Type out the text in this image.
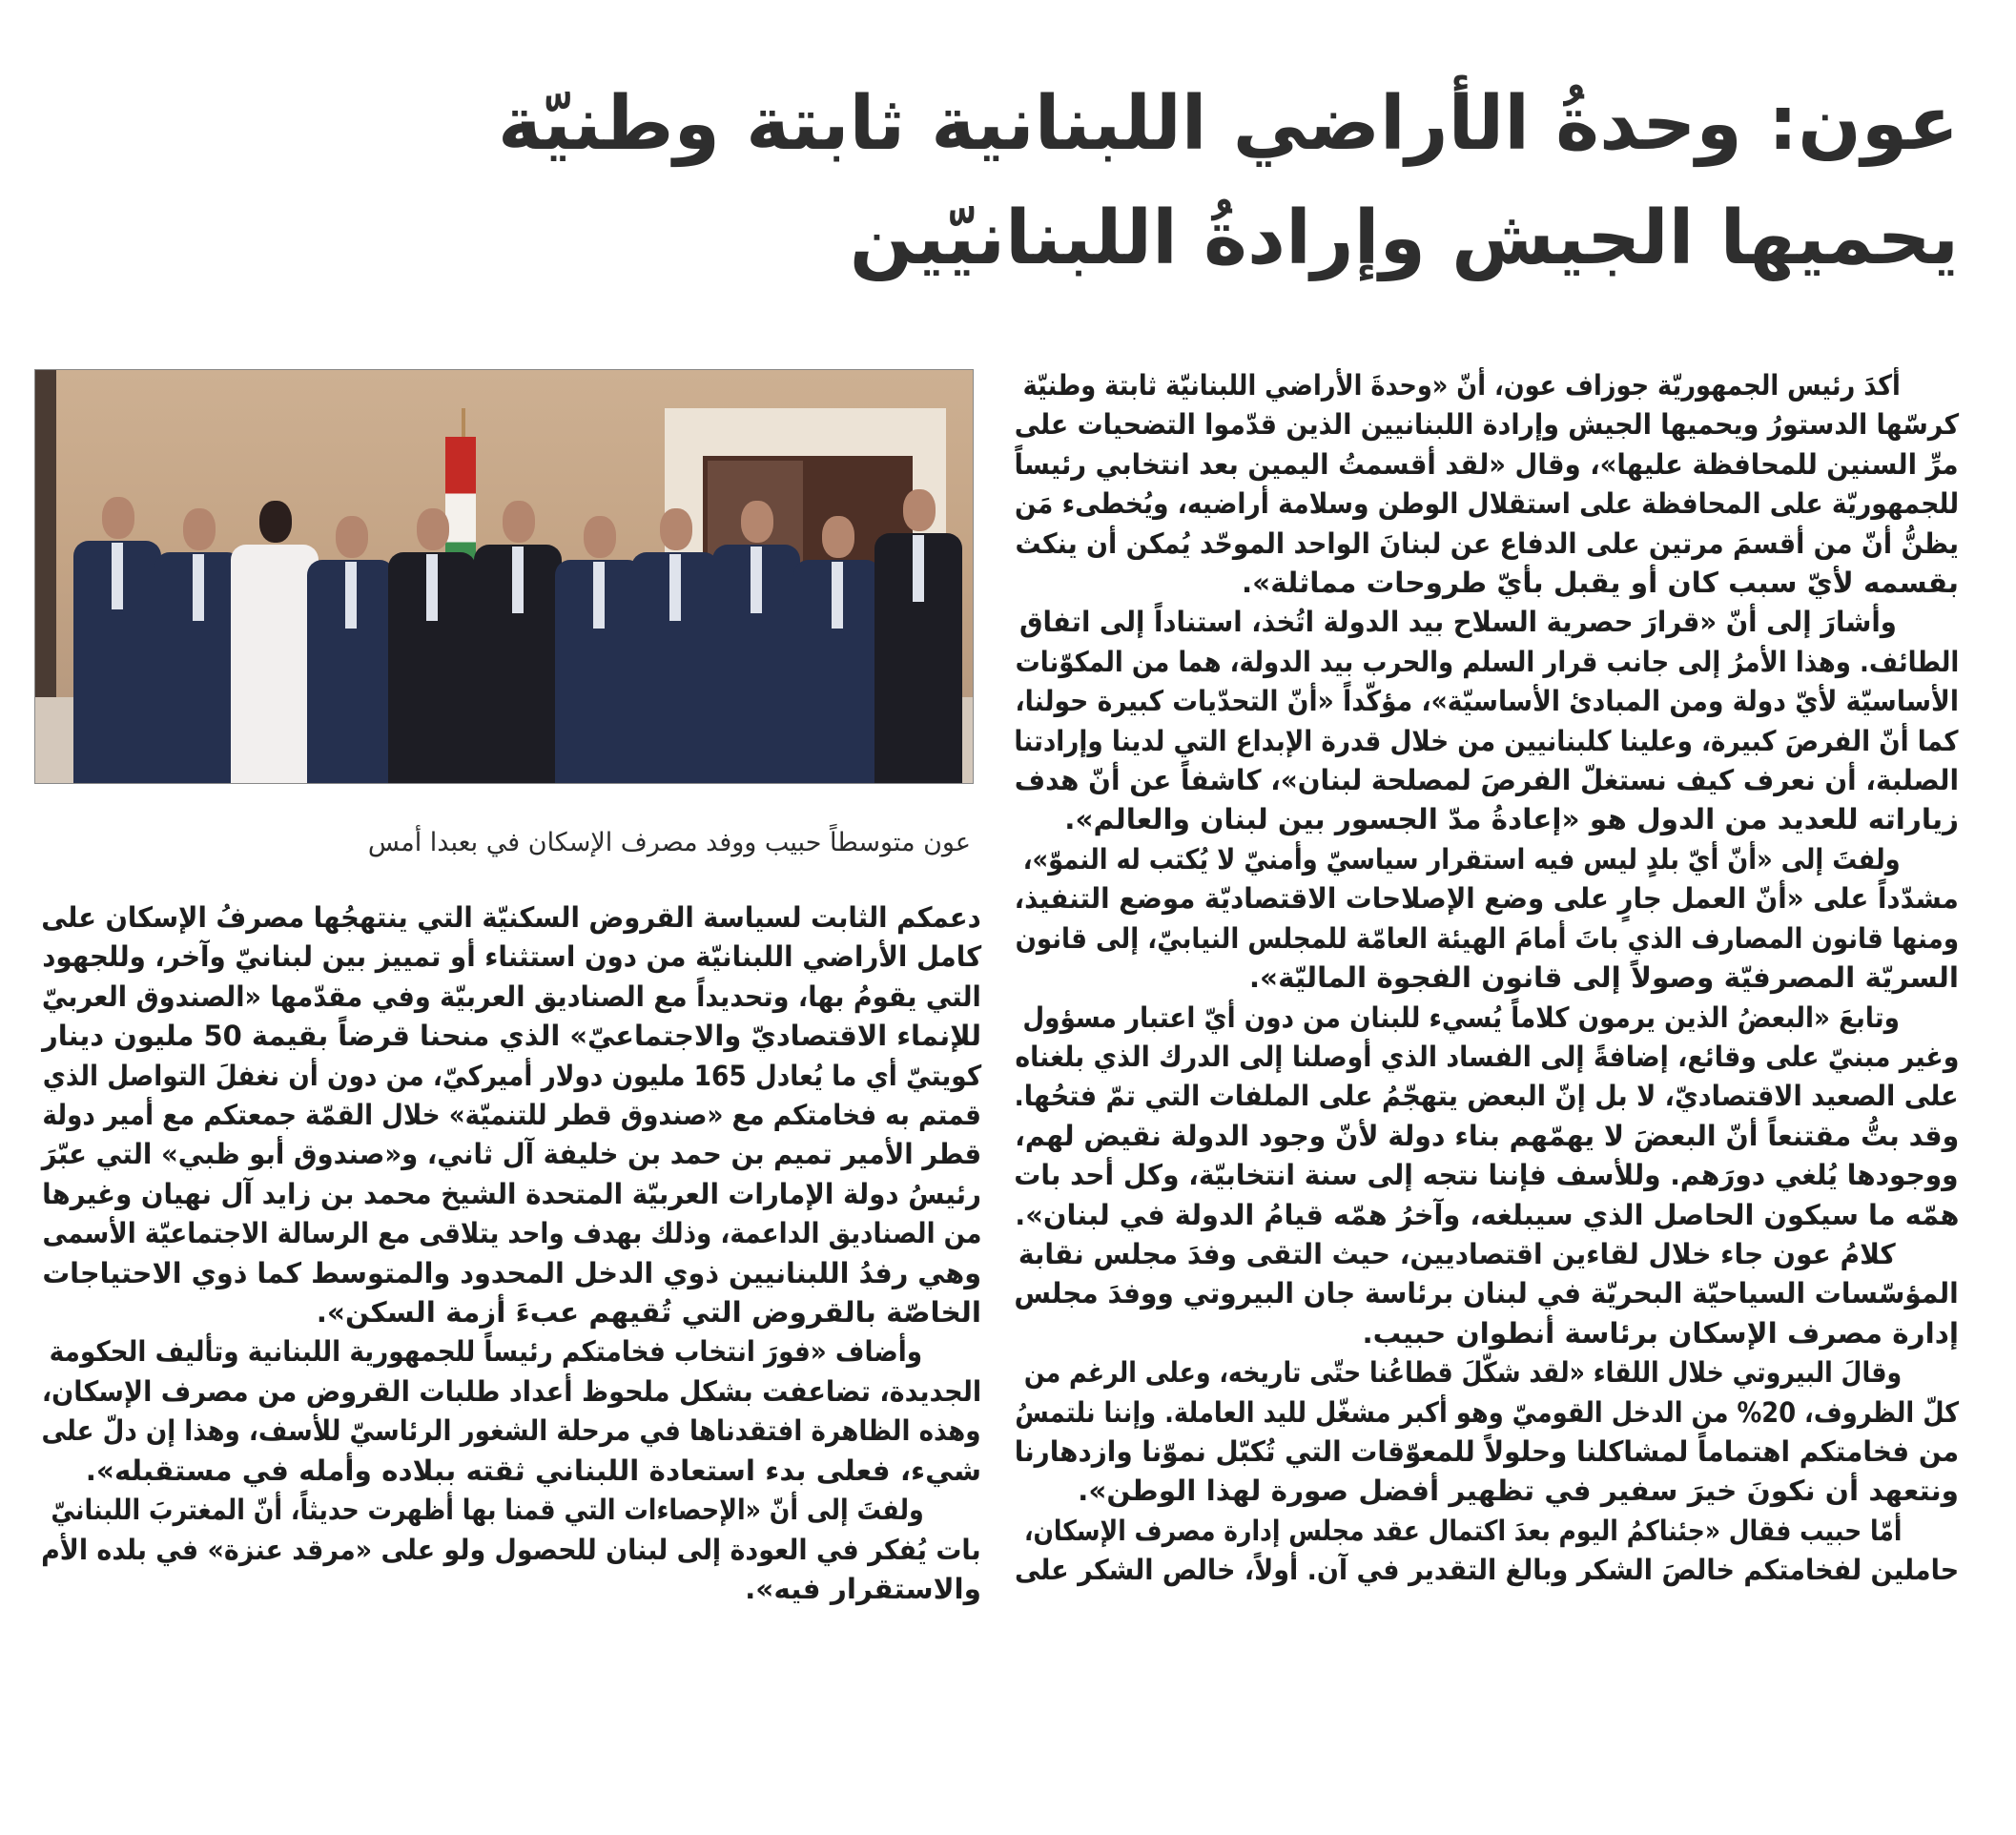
عون: وحدةُ الأراضي اللبنانية ثابتة وطنيّة
يحميها الجيش وإرادةُ اللبنانيّين
عون متوسطاً حبيب ووفد مصرف الإسكان في بعبدا أمس

أكدَ رئيس الجمهوريّة جوزاف عون، أنّ «وحدةَ الأراضي اللبنانيّة ثابتة وطنيّة
كرسّها الدستورُ ويحميها الجيش وإرادة اللبنانيين الذين قدّموا التضحيات على
مرِّ السنين للمحافظة عليها»، وقال «لقد أقسمتُ اليمين بعد انتخابي رئيساً
للجمهوريّة على المحافظة على استقلال الوطن وسلامة أراضيه، ويُخطىء مَن
يظنُّ أنّ من أقسمَ مرتين على الدفاع عن لبنانَ الواحد الموحّد يُمكن أن ينكث
بقسمه لأيّ سبب كان أو يقبل بأيّ طروحات مماثلة».

وأشارَ إلى أنّ «قرارَ حصرية السلاح بيد الدولة اتُخذ، استناداً إلى اتفاق
الطائف. وهذا الأمرُ إلى جانب قرار السلم والحرب بيد الدولة، هما من المكوّنات
الأساسيّة لأيّ دولة ومن المبادئ الأساسيّة»، مؤكّداً «أنّ التحدّيات كبيرة حولنا،
كما أنّ الفرصَ كبيرة، وعلينا كلبنانيين من خلال قدرة الإبداع التي لدينا وإرادتنا
الصلبة، أن نعرف كيف نستغلّ الفرصَ لمصلحة لبنان»، كاشفاً عن أنّ هدف
زياراته للعديد من الدول هو «إعادةُ مدّ الجسور بين لبنان والعالم».

ولفتَ إلى «أنّ أيّ بلدٍ ليس فيه استقرار سياسيّ وأمنيّ لا يُكتب له النموّ»،
مشدّداً على «أنّ العمل جارٍ على وضع الإصلاحات الاقتصاديّة موضع التنفيذ،
ومنها قانون المصارف الذي باتَ أمامَ الهيئة العامّة للمجلس النيابيّ، إلى قانون
السريّة المصرفيّة وصولاً إلى قانون الفجوة الماليّة».

وتابعَ «البعضُ الذين يرمون كلاماً يُسيء للبنان من دون أيّ اعتبار مسؤول
وغير مبنيّ على وقائع، إضافةً إلى الفساد الذي أوصلنا إلى الدرك الذي بلغناه
على الصعيد الاقتصاديّ، لا بل إنّ البعض يتهجّمُ على الملفات التي تمّ فتحُها.
وقد بتُّ مقتنعاً أنّ البعضَ لا يهمّهم بناء دولة لأنّ وجود الدولة نقيض لهم،
ووجودها يُلغي دورَهم. وللأسف فإننا نتجه إلى سنة انتخابيّة، وكل أحد بات
همّه ما سيكون الحاصل الذي سيبلغه، وآخرُ همّه قيامُ الدولة في لبنان».

كلامُ عون جاء خلال لقاءين اقتصاديين، حيث التقى وفدَ مجلس نقابة
المؤسّسات السياحيّة البحريّة في لبنان برئاسة جان البيروتي ووفدَ مجلس
إدارة مصرف الإسكان برئاسة أنطوان حبيب.

وقالَ البيروتي خلال اللقاء «لقد شكّلَ قطاعُنا حتّى تاريخه، وعلى الرغم من
كلّ الظروف، 20% من الدخل القوميّ وهو أكبر مشغّل لليد العاملة. وإننا نلتمسُ
من فخامتكم اهتماماً لمشاكلنا وحلولاً للمعوّقات التي تُكبّل نموّنا وازدهارنا
ونتعهد أن نكونَ خيرَ سفير في تظهير أفضل صورة لهذا الوطن».

أمّا حبيب فقال «جئناكمُ اليوم بعدَ اكتمال عقد مجلس إدارة مصرف الإسكان،
حاملين لفخامتكم خالصَ الشكر وبالغ التقدير في آن. أولاً، خالص الشكر على

دعمكم الثابت لسياسة القروض السكنيّة التي ينتهجُها مصرفُ الإسكان على
كامل الأراضي اللبنانيّة من دون استثناء أو تمييز بين لبنانيّ وآخر، وللجهود
التي يقومُ بها، وتحديداً مع الصناديق العربيّة وفي مقدّمها «الصندوق العربيّ
للإنماء الاقتصاديّ والاجتماعيّ» الذي منحنا قرضاً بقيمة 50 مليون دينار
كويتيّ أي ما يُعادل 165 مليون دولار أميركيّ، من دون أن نغفلَ التواصل الذي
قمتم به فخامتكم مع «صندوق قطر للتنميّة» خلال القمّة جمعتكم مع أمير دولة
قطر الأمير تميم بن حمد بن خليفة آل ثاني، و«صندوق أبو ظبي» التي عبّرَ
رئيسُ دولة الإمارات العربيّة المتحدة الشيخ محمد بن زايد آل نهيان وغيرها
من الصناديق الداعمة، وذلك بهدف واحد يتلاقى مع الرسالة الاجتماعيّة الأسمى
وهي رفدُ اللبنانيين ذوي الدخل المحدود والمتوسط كما ذوي الاحتياجات
الخاصّة بالقروض التي تُقيهم عبءَ أزمة السكن».

وأضاف «فورَ انتخاب فخامتكم رئيساً للجمهورية اللبنانية وتأليف الحكومة
الجديدة، تضاعفت بشكل ملحوظ أعداد طلبات القروض من مصرف الإسكان،
وهذه الظاهرة افتقدناها في مرحلة الشغور الرئاسيّ للأسف، وهذا إن دلّ على
شيء، فعلى بدء استعادة اللبناني ثقته ببلاده وأمله في مستقبله».

ولفتَ إلى أنّ «الإحصاءات التي قمنا بها أظهرت حديثاً، أنّ المغتربَ اللبنانيّ
بات يُفكر في العودة إلى لبنان للحصول ولو على «مرقد عنزة» في بلده الأم
والاستقرار فيه».
